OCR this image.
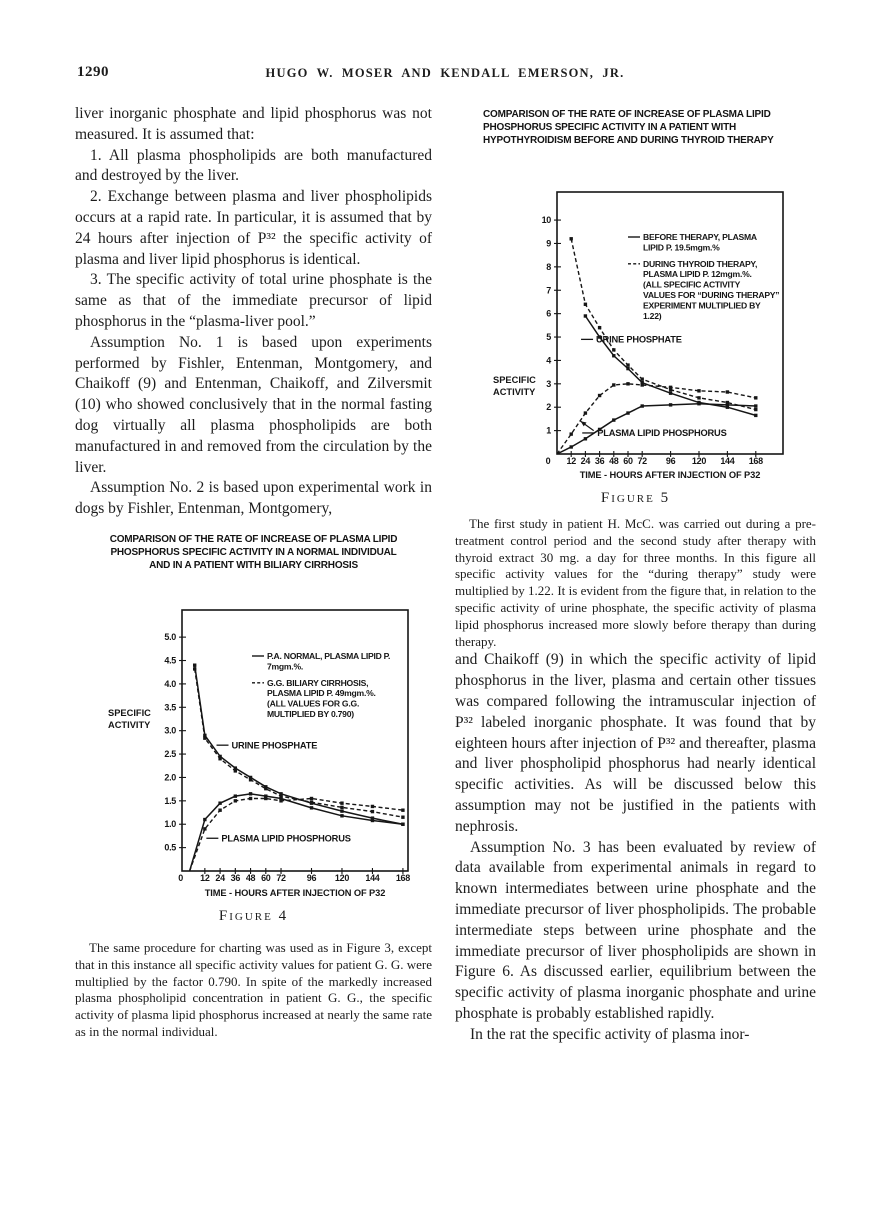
1290	HUGO W. MOSER AND KENDALL EMERSON, JR.

liver inorganic phosphate and lipid phosphorus was not measured. It is assumed that:

1. All plasma phospholipids are both manufactured and destroyed by the liver.

2. Exchange between plasma and liver phospholipids occurs at a rapid rate. In particular, it is assumed that by 24 hours after injection of P³² the specific activity of plasma and liver lipid phosphorus is identical.

3. The specific activity of total urine phosphate is the same as that of the immediate precursor of lipid phosphorus in the “plasma-liver pool.”

Assumption No. 1 is based upon experiments performed by Fishler, Entenman, Montgomery, and Chaikoff (9) and Entenman, Chaikoff, and Zilversmit (10) who showed conclusively that in the normal fasting dog virtually all plasma phospholipids are both manufactured in and removed from the circulation by the liver.

Assumption No. 2 is based upon experimental work in dogs by Fishler, Entenman, Montgomery,

COMPARISON OF THE RATE OF INCREASE OF PLASMA LIPID
PHOSPHORUS SPECIFIC ACTIVITY IN A NORMAL INDIVIDUAL
AND IN A PATIENT WITH BILIARY CIRRHOSIS
0 12 24 36 48 60 72 96 120 144 168
0.5
1.0
1.5
2.0
2.5
3.0
3.5
4.0
4.5
5.0
TIME - HOURS AFTER INJECTION OF P32
SPECIFIC
ACTIVITY
URINE PHOSPHATE
PLASMA LIPID PHOSPHORUS
P.A. NORMAL, PLASMA LIPID P.
7mgm.%.
G.G. BILIARY CIRRHOSIS,
PLASMA LIPID P. 49mgm.%.
(ALL VALUES FOR G.G.
MULTIPLIED BY 0.790)
Figure 4

The same procedure for charting was used as in Figure 3, except that in this instance all specific activity values for patient G. G. were multiplied by the factor 0.790. In spite of the markedly increased plasma phospholipid concentration in patient G. G., the specific activity of plasma lipid phosphorus increased at nearly the same rate as in the normal individual.

COMPARISON OF THE RATE OF INCREASE OF PLASMA LIPID
PHOSPHORUS SPECIFIC ACTIVITY IN A PATIENT WITH
HYPOTHYROIDISM BEFORE AND DURING THYROID THERAPY
0 12 24 36 48 60 72 96 120 144 168
1
2
3
4
5
6
7
8
9
10
TIME - HOURS AFTER INJECTION OF P32
SPECIFIC
ACTIVITY
URINE PHOSPHATE
PLASMA LIPID PHOSPHORUS
BEFORE THERAPY, PLASMA
LIPID P. 19.5mgm.%
DURING THYROID THERAPY,
PLASMA LIPID P. 12mgm.%.
(ALL SPECIFIC ACTIVITY
VALUES FOR “DURING THERAPY”
EXPERIMENT MULTIPLIED BY
1.22)
Figure 5

The first study in patient H. McC. was carried out during a pre-treatment control period and the second study after therapy with thyroid extract 30 mg. a day for three months. In this figure all specific activity values for the “during therapy” study were multiplied by 1.22. It is evident from the figure that, in relation to the specific activity of urine phosphate, the specific activity of plasma lipid phosphorus increased more slowly before therapy than during therapy.

and Chaikoff (9) in which the specific activity of lipid phosphorus in the liver, plasma and certain other tissues was compared following the intramuscular injection of P³² labeled inorganic phosphate. It was found that by eighteen hours after injection of P³² and thereafter, plasma and liver phospholipid phosphorus had nearly identical specific activities. As will be discussed below this assumption may not be justified in the patients with nephrosis.

Assumption No. 3 has been evaluated by review of data available from experimental animals in regard to known intermediates between urine phosphate and the immediate precursor of liver phospholipids. The probable intermediate steps between urine phosphate and the immediate precursor of liver phospholipids are shown in Figure 6. As discussed earlier, equilibrium between the specific activity of plasma inorganic phosphate and urine phosphate is probably established rapidly.

In the rat the specific activity of plasma inor-
